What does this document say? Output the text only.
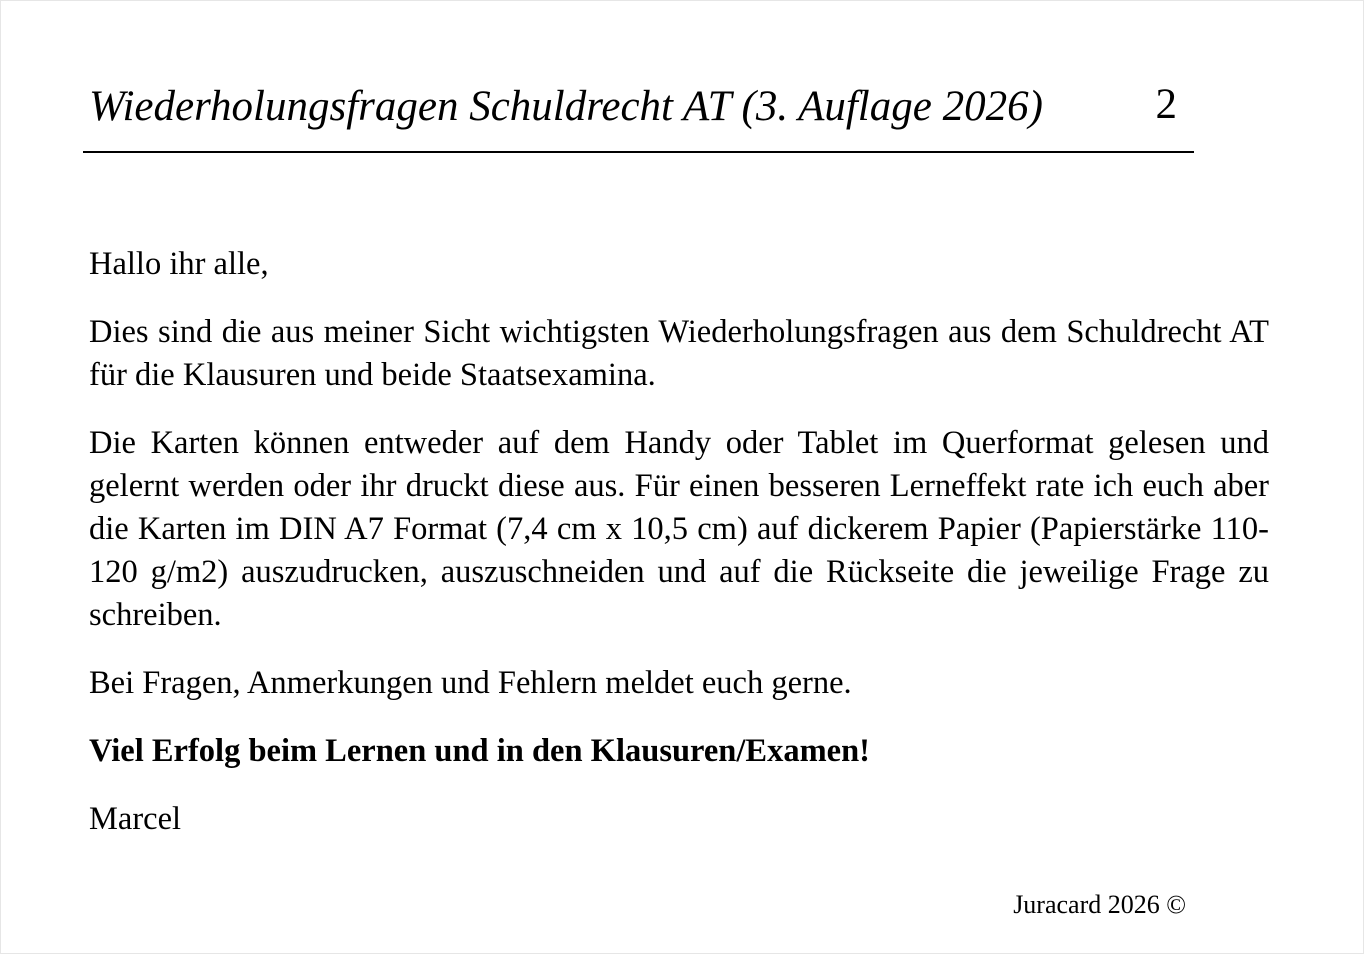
Wiederholungsfragen Schuldrecht AT (3. Auflage 2026)	2

Hallo ihr alle,

Dies sind die aus meiner Sicht wichtigsten Wiederholungsfragen aus dem Schuldrecht AT für die Klausuren und beide Staatsexamina.

Die Karten können entweder auf dem Handy oder Tablet im Querformat gelesen und gelernt werden oder ihr druckt diese aus. Für einen besseren Lerneffekt rate ich euch aber die Karten im DIN A7 Format (7,4 cm x 10,5 cm) auf dickerem Papier (Papierstärke 110-120 g/m2) auszudrucken, auszuschneiden und auf die Rückseite die jeweilige Frage zu schreiben.

Bei Fragen, Anmerkungen und Fehlern meldet euch gerne.

Viel Erfolg beim Lernen und in den Klausuren/Examen!

Marcel

Juracard 2026 ©
